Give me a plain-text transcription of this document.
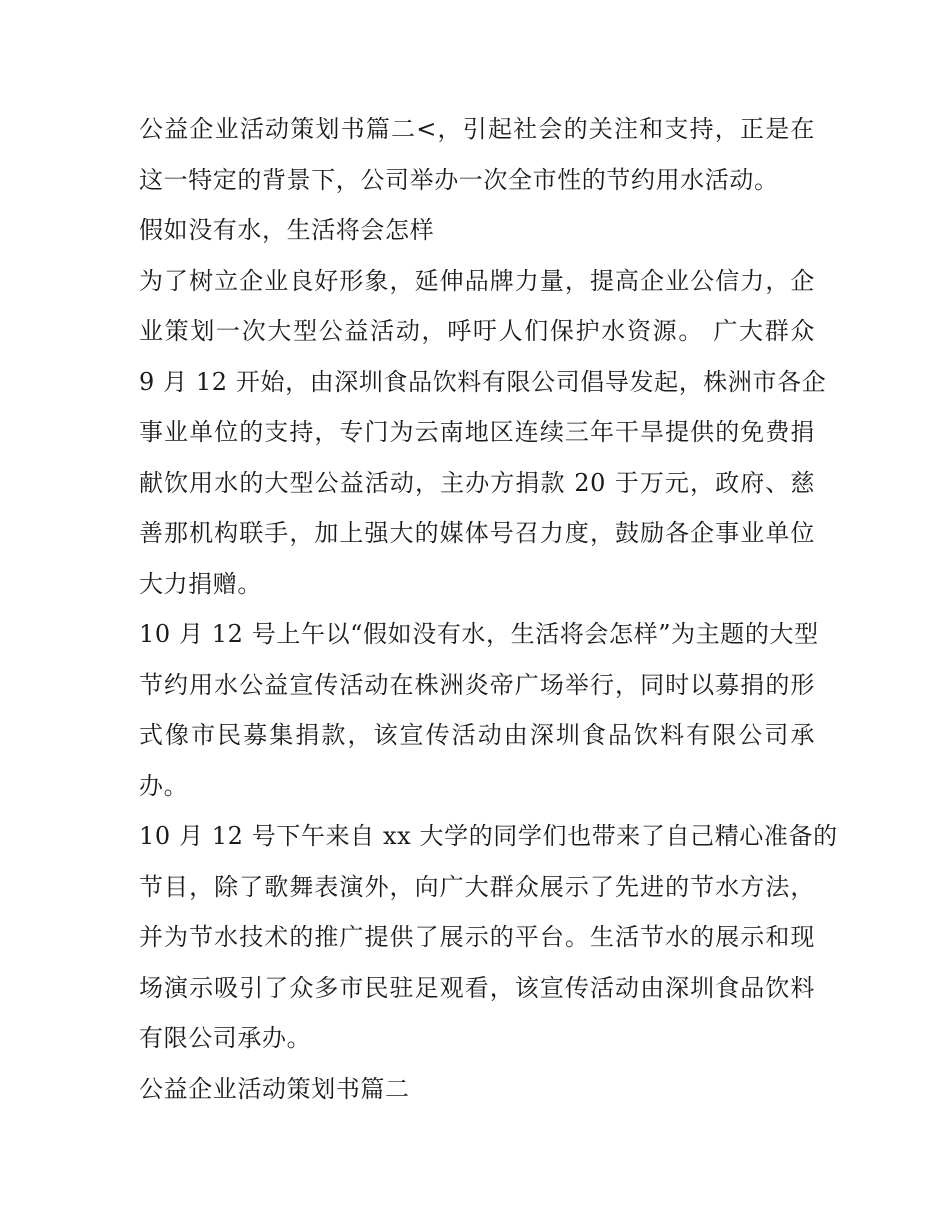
公益企业活动策划书篇二<，引起社会的关注和支持，正是在
这一特定的背景下，公司举办一次全市性的节约用水活动。
假如没有水，生活将会怎样
为了树立企业良好形象，延伸品牌力量，提高企业公信力，企
业策划一次大型公益活动，呼吁人们保护水资源。 广大群众
9 月 12 开始，由深圳食品饮料有限公司倡导发起，株洲市各企
事业单位的支持，专门为云南地区连续三年干旱提供的免费捐
献饮用水的大型公益活动，主办方捐款 20 于万元，政府、慈
善那机构联手，加上强大的媒体号召力度，鼓励各企事业单位
大力捐赠。
10 月 12 号上午以“假如没有水，生活将会怎样”为主题的大型
节约用水公益宣传活动在株洲炎帝广场举行，同时以募捐的形
式像市民募集捐款，该宣传活动由深圳食品饮料有限公司承
办。
10 月 12 号下午来自 xx 大学的同学们也带来了自己精心准备的
节目，除了歌舞表演外，向广大群众展示了先进的节水方法，
并为节水技术的推广提供了展示的平台。生活节水的展示和现
场演示吸引了众多市民驻足观看，该宣传活动由深圳食品饮料
有限公司承办。
公益企业活动策划书篇二
